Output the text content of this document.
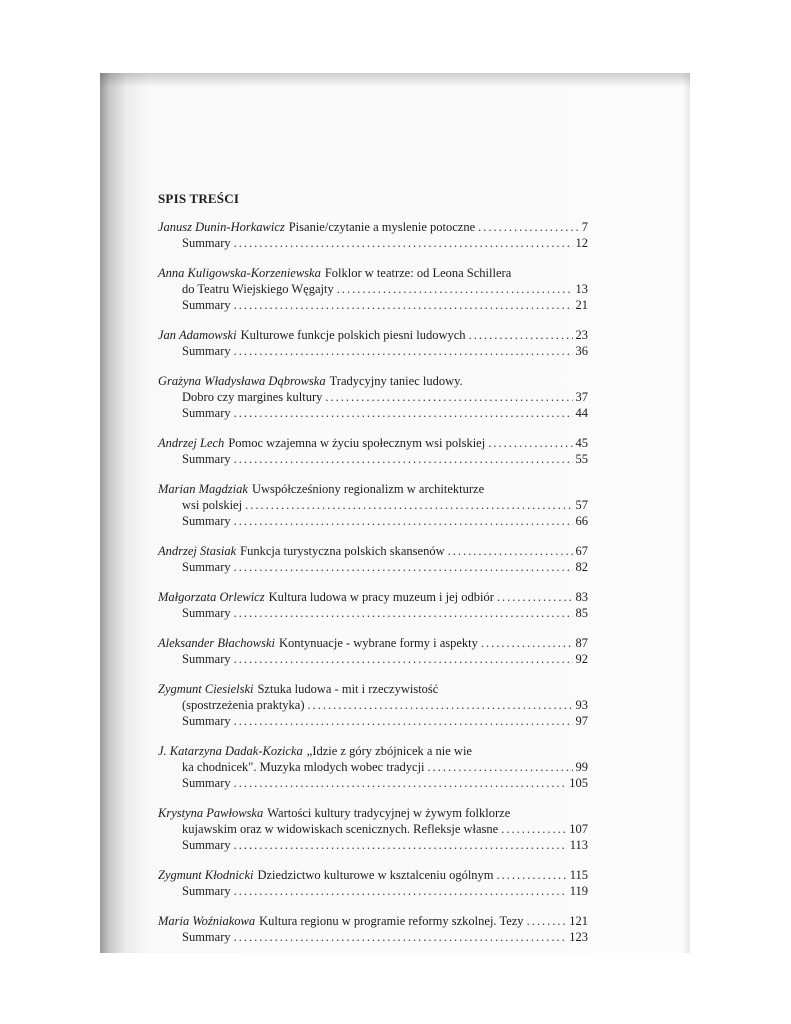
SPIS TREŚCI
Janusz Dunin-Horkawicz Pisanie/czytanie a myslenie potoczne .....	7
Summary .....	12
Anna Kuligowska-Korzeniewska Folklor w teatrze: od Leona Schillera
do Teatru Wiejskiego Węgajty .....	13
Summary .....	21
Jan Adamowski Kulturowe funkcje polskich piesni ludowych .....	23
Summary .....	36
Grażyna Władysława Dąbrowska Tradycyjny taniec ludowy.
Dobro czy margines kultury .....	37
Summary .....	44
Andrzej Lech Pomoc wzajemna w życiu społecznym wsi polskiej .....	45
Summary .....	55
Marian Magdziak Uwspółcześniony regionalizm w architekturze
wsi polskiej .....	57
Summary .....	66
Andrzej Stasiak Funkcja turystyczna polskich skansenów .....	67
Summary .....	82
Małgorzata Orlewicz Kultura ludowa w pracy muzeum i jej odbiór .....	83
Summary .....	85
Aleksander Błachowski Kontynuacje - wybrane formy i aspekty .....	87
Summary .....	92
Zygmunt Ciesielski Sztuka ludowa - mit i rzeczywistość
(spostrzeżenia praktyka) .....	93
Summary .....	97
J. Katarzyna Dadak-Kozicka „Idzie z góry zbójnicek a nie wie
ka chodnicek". Muzyka mlodych wobec tradycji .....	99
Summary .....	105
Krystyna Pawłowska Wartości kultury tradycyjnej w żywym folklorze
kujawskim oraz w widowiskach scenicznych. Refleksje własne .....	107
Summary .....	113
Zygmunt Kłodnicki Dziedzictwo kulturowe w ksztalceniu ogólnym .....	115
Summary .....	119
Maria Woźniakowa Kultura regionu w programie reformy szkolnej. Tezy .....	121
Summary .....	123
